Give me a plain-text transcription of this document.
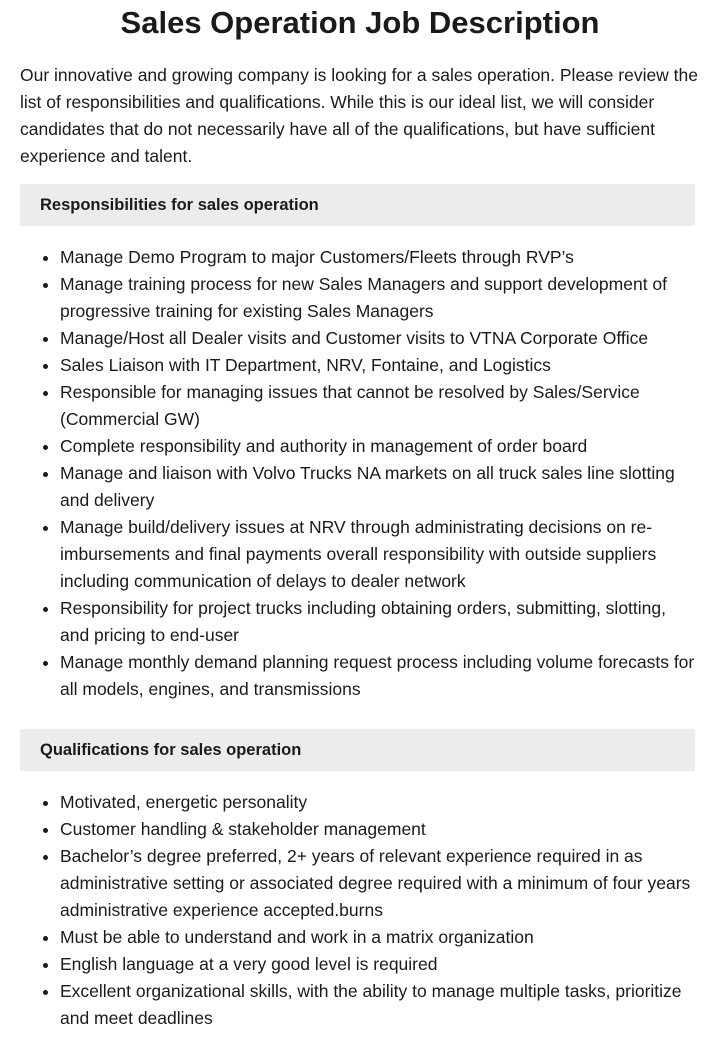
Sales Operation Job Description

Our innovative and growing company is looking for a sales operation. Please review the list of responsibilities and qualifications. While this is our ideal list, we will consider candidates that do not necessarily have all of the qualifications, but have sufficient experience and talent.

Responsibilities for sales operation
• Manage Demo Program to major Customers/Fleets through RVP’s
• Manage training process for new Sales Managers and support development of progressive training for existing Sales Managers
• Manage/Host all Dealer visits and Customer visits to VTNA Corporate Office
• Sales Liaison with IT Department, NRV, Fontaine, and Logistics
• Responsible for managing issues that cannot be resolved by Sales/Service (Commercial GW)
• Complete responsibility and authority in management of order board
• Manage and liaison with Volvo Trucks NA markets on all truck sales line slotting and delivery
• Manage build/delivery issues at NRV through administrating decisions on re-imbursements and final payments overall responsibility with outside suppliers including communication of delays to dealer network
• Responsibility for project trucks including obtaining orders, submitting, slotting, and pricing to end-user
• Manage monthly demand planning request process including volume forecasts for all models, engines, and transmissions
Qualifications for sales operation
• Motivated, energetic personality
• Customer handling & stakeholder management
• Bachelor’s degree preferred, 2+ years of relevant experience required in as administrative setting or associated degree required with a minimum of four years administrative experience accepted.burns
• Must be able to understand and work in a matrix organization
• English language at a very good level is required
• Excellent organizational skills, with the ability to manage multiple tasks, prioritize and meet deadlines
